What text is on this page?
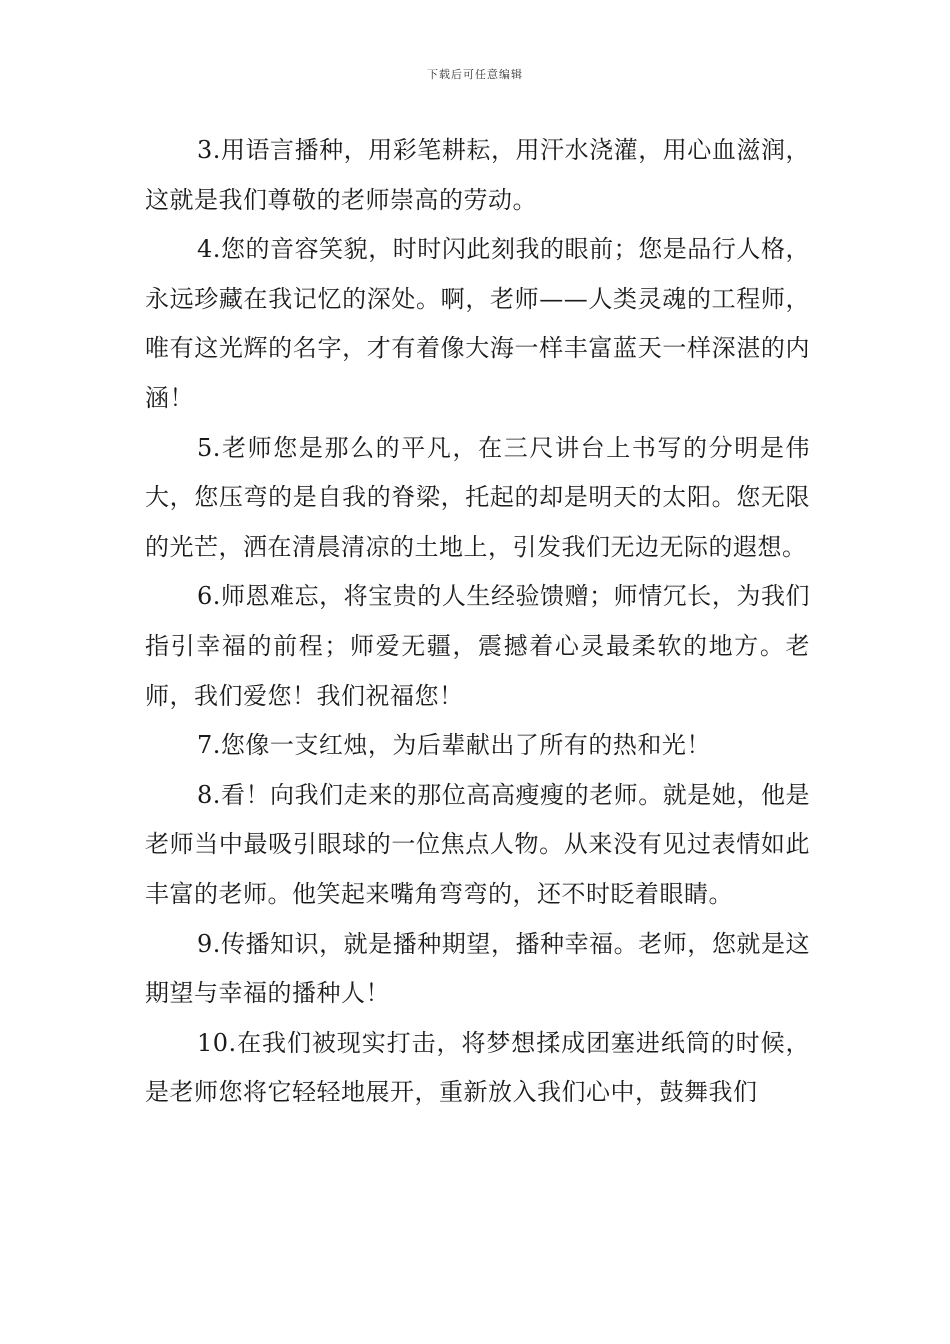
下载后可任意编辑

3.用语言播种，用彩笔耕耘，用汗水浇灌，用心血滋润，这就是我们尊敬的老师崇高的劳动。

4.您的音容笑貌，时时闪此刻我的眼前；您是品行人格，永远珍藏在我记忆的深处。啊，老师——人类灵魂的工程师，唯有这光辉的名字，才有着像大海一样丰富蓝天一样深湛的内涵！

5.老师您是那么的平凡，在三尺讲台上书写的分明是伟大，您压弯的是自我的脊梁，托起的却是明天的太阳。您无限的光芒，洒在清晨清凉的土地上，引发我们无边无际的遐想。

6.师恩难忘，将宝贵的人生经验馈赠；师情冗长，为我们指引幸福的前程；师爱无疆，震撼着心灵最柔软的地方。老师，我们爱您！我们祝福您！

7.您像一支红烛，为后辈献出了所有的热和光！

8.看！向我们走来的那位高高瘦瘦的老师。就是她，他是老师当中最吸引眼球的一位焦点人物。从来没有见过表情如此丰富的老师。他笑起来嘴角弯弯的，还不时眨着眼睛。

9.传播知识，就是播种期望，播种幸福。老师，您就是这期望与幸福的播种人！

10.在我们被现实打击，将梦想揉成团塞进纸筒的时候，是老师您将它轻轻地展开，重新放入我们心中，鼓舞我们
